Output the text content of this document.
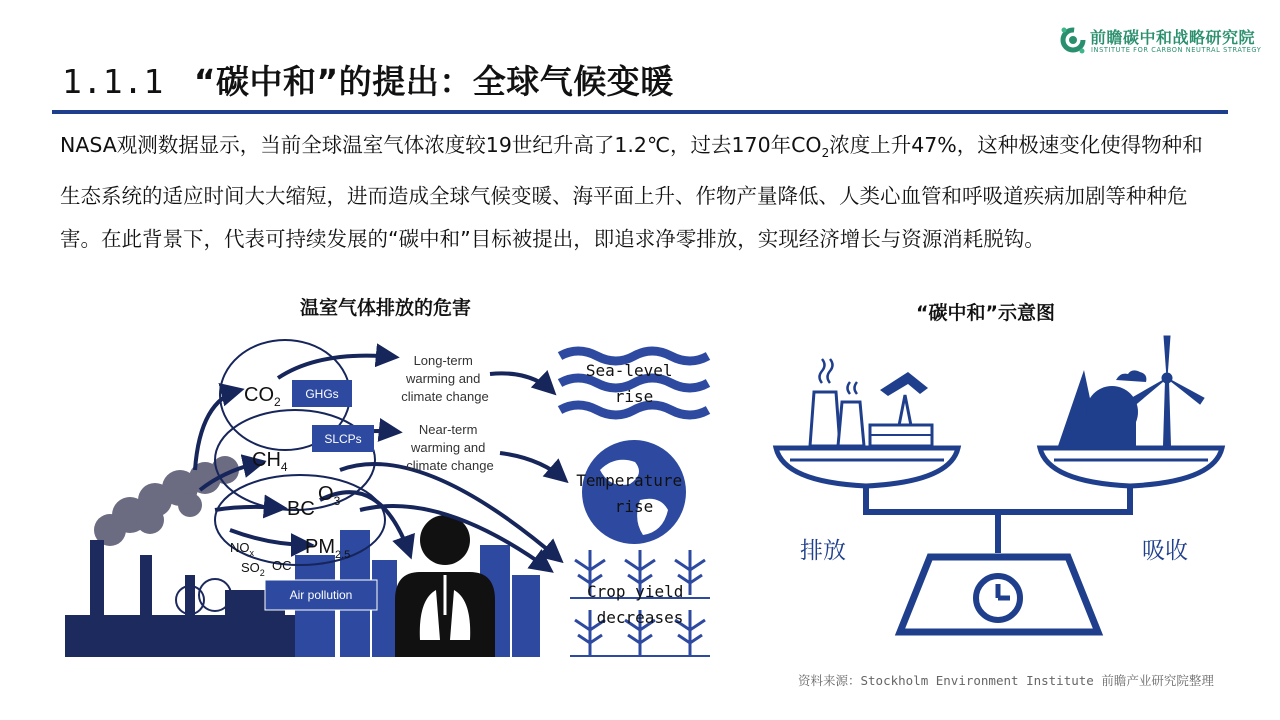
1.1.1 “碳中和”的提出：全球气候变暖
前瞻碳中和战略研究院
INSTITUTE FOR CARBON NEUTRAL STRATEGY
NASA观测数据显示，当前全球温室气体浓度较19世纪升高了1.2℃，过去170年$CO_2$浓度上升47%，这种极速变化使得物种和生态系统的适应时间大大缩短，进而造成全球气候变暖、海平面上升、作物产量降低、人类心血管和呼吸道疾病加剧等种种危害。在此背景下，代表可持续发展的“碳中和”目标被提出，即追求净零排放，实现经济增长与资源消耗脱钩。
温室气体排放的危害	“碳中和”示意图
$CO_2$
$CH_4$
BC
$O_3$
$PM_{2.5}$
$NO_x$
$SO_2$ OC
GHGs
SLCPs
Air pollution
Long-term warming and climate change
Near-term warming and climate change
Sea-level rise
Temperature rise
Crop yield decreases
排放	吸收
资料来源：Stockholm Environment Institute 前瞻产业研究院整理
